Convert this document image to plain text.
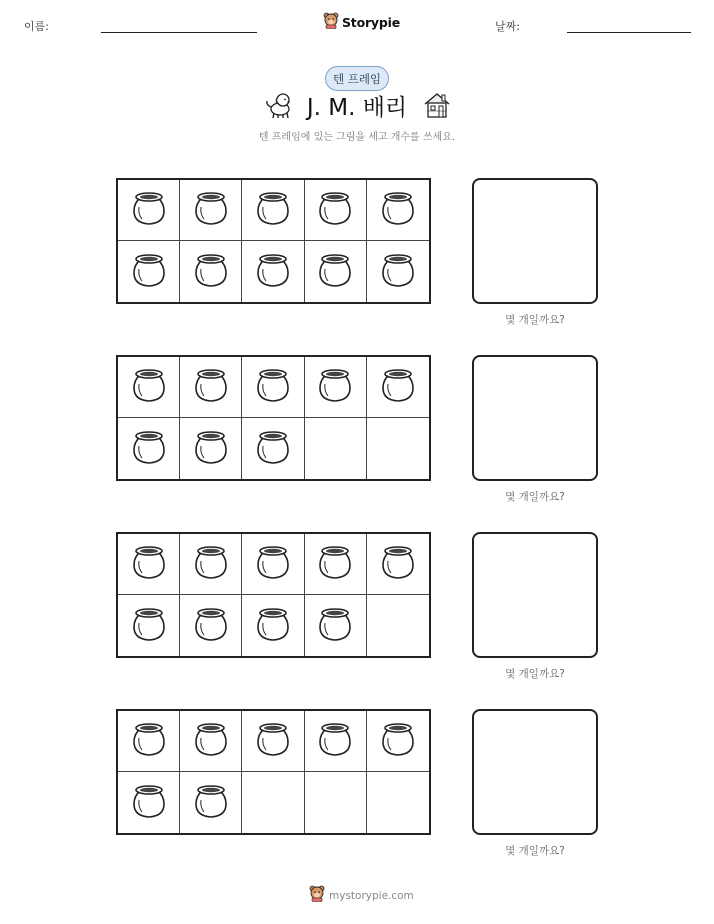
이름:	Storypie	날짜:
텐 프레임
J. M. 배리
텐 프레임에 있는 그림을 세고 개수를 쓰세요.
몇 개일까요?
몇 개일까요?
몇 개일까요?
몇 개일까요?
mystorypie.com
